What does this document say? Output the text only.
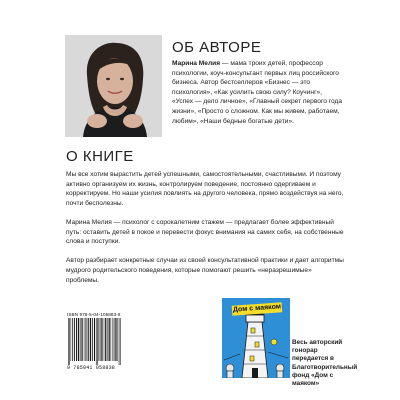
ОБ АВТОРЕ
Марина Мелия — мама троих детей, профессор психологии, коуч-консультант первых лиц российского бизнеса. Автор бестселлеров «Бизнес — это психология», «Как усилить свою силу? Коучинг», «Успех — дело личное», «Главный секрет первого года жизни», «Просто о сложном. Как мы живем, работаем, любим», «Наши бедные богатые дети».
О КНИГЕ

Мы все хотим вырастить детей успешными, самостоятельными, счастливыми. И поэтому активно организуем их жизнь, контролируем поведение, постоянно одергиваем и корректируем. Но наши усилия повлиять на другого человека, прямо воздействуя на него, почти бесполезны.

Марина Мелия — психолог с сорокалетним стажем — предлагает более эффективный путь: оставить детей в покое и перевести фокус внимания на самих себя, на собственные слова и поступки.

Автор разбирает конкретные случаи из своей консультативной практики и дает алгоритмы мудрого родительского поведения, которые помогают решить «неразрешимые» проблемы.

ISBN 978-5-04-105883-8
9 785041 058838
Дом с маяком
Весь авторский гонорар передается в Благотворительный фонд «Дом с маяком»
